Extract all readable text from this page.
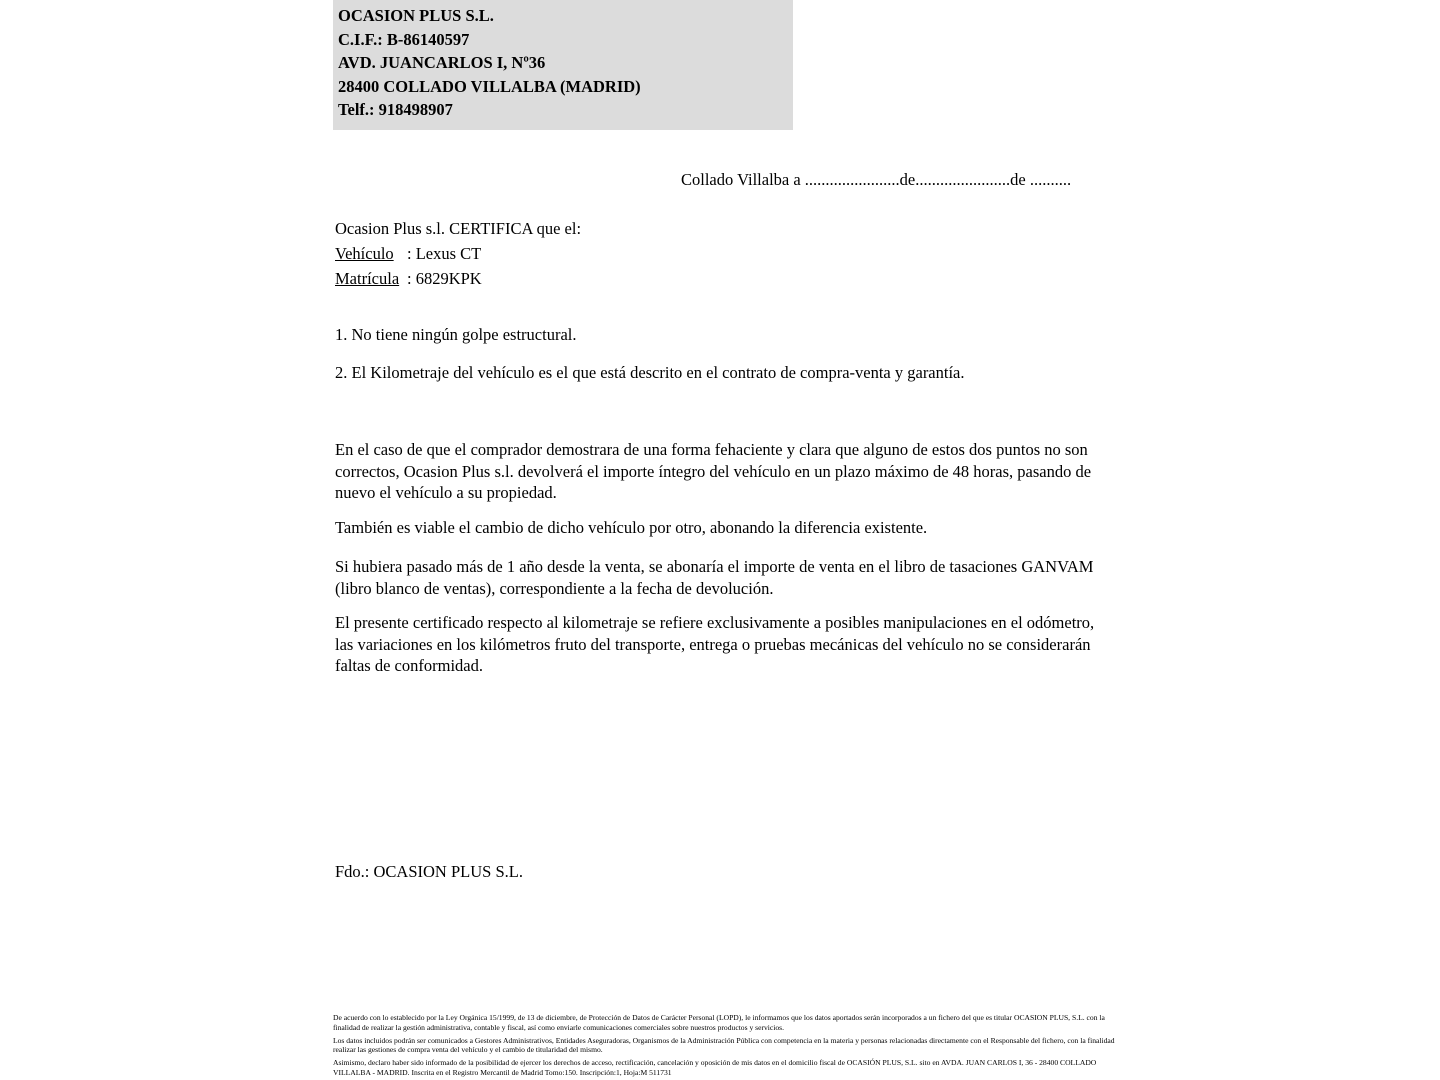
OCASION PLUS S.L.
C.I.F.: B-86140597
AVD. JUANCARLOS I, Nº36
28400 COLLADO VILLALBA (MADRID)
Telf.: 918498907
Collado Villalba a .......................de.......................de ..........
Ocasion Plus s.l. CERTIFICA que el:
Vehículo : Lexus CT
Matrícula : 6829KPK
1. No tiene ningún golpe estructural.
2. El Kilometraje del vehículo es el que está descrito en el contrato de compra-venta y garantía.
En el caso de que el comprador demostrara de una forma fehaciente y clara que alguno de estos dos puntos no son correctos, Ocasion Plus s.l. devolverá el importe íntegro del vehículo en un plazo máximo de 48 horas, pasando de nuevo el vehículo a su propiedad.
También es viable el cambio de dicho vehículo por otro, abonando la diferencia existente.
Si hubiera pasado más de 1 año desde la venta, se abonaría el importe de venta en el libro de tasaciones GANVAM (libro blanco de ventas), correspondiente a la fecha de devolución.
El presente certificado respecto al kilometraje se refiere exclusivamente a posibles manipulaciones en el odómetro, las variaciones en los kilómetros fruto del transporte, entrega o pruebas mecánicas del vehículo no se considerarán faltas de conformidad.
Fdo.: OCASION PLUS S.L.

De acuerdo con lo establecido por la Ley Orgánica 15/1999, de 13 de diciembre, de Protección de Datos de Carácter Personal (LOPD), le informamos que los datos aportados serán incorporados a un fichero del que es titular OCASION PLUS, S.L. con la finalidad de realizar la gestión administrativa, contable y fiscal, así como enviarle comunicaciones comerciales sobre nuestros productos y servicios.

Los datos incluidos podrán ser comunicados a Gestores Administrativos, Entidades Aseguradoras, Organismos de la Administración Pública con competencia en la materia y personas relacionadas directamente con el Responsable del fichero, con la finalidad realizar las gestiones de compra venta del vehículo y el cambio de titularidad del mismo.

Asimismo, declaro haber sido informado de la posibilidad de ejercer los derechos de acceso, rectificación, cancelación y oposición de mis datos en el domicilio fiscal de OCASIÓN PLUS, S.L. sito en AVDA. JUAN CARLOS I, 36 - 28400 COLLADO VILLALBA - MADRID. Inscrita en el Registro Mercantil de Madrid Tomo:150. Inscripción:1, Hoja:M 511731
